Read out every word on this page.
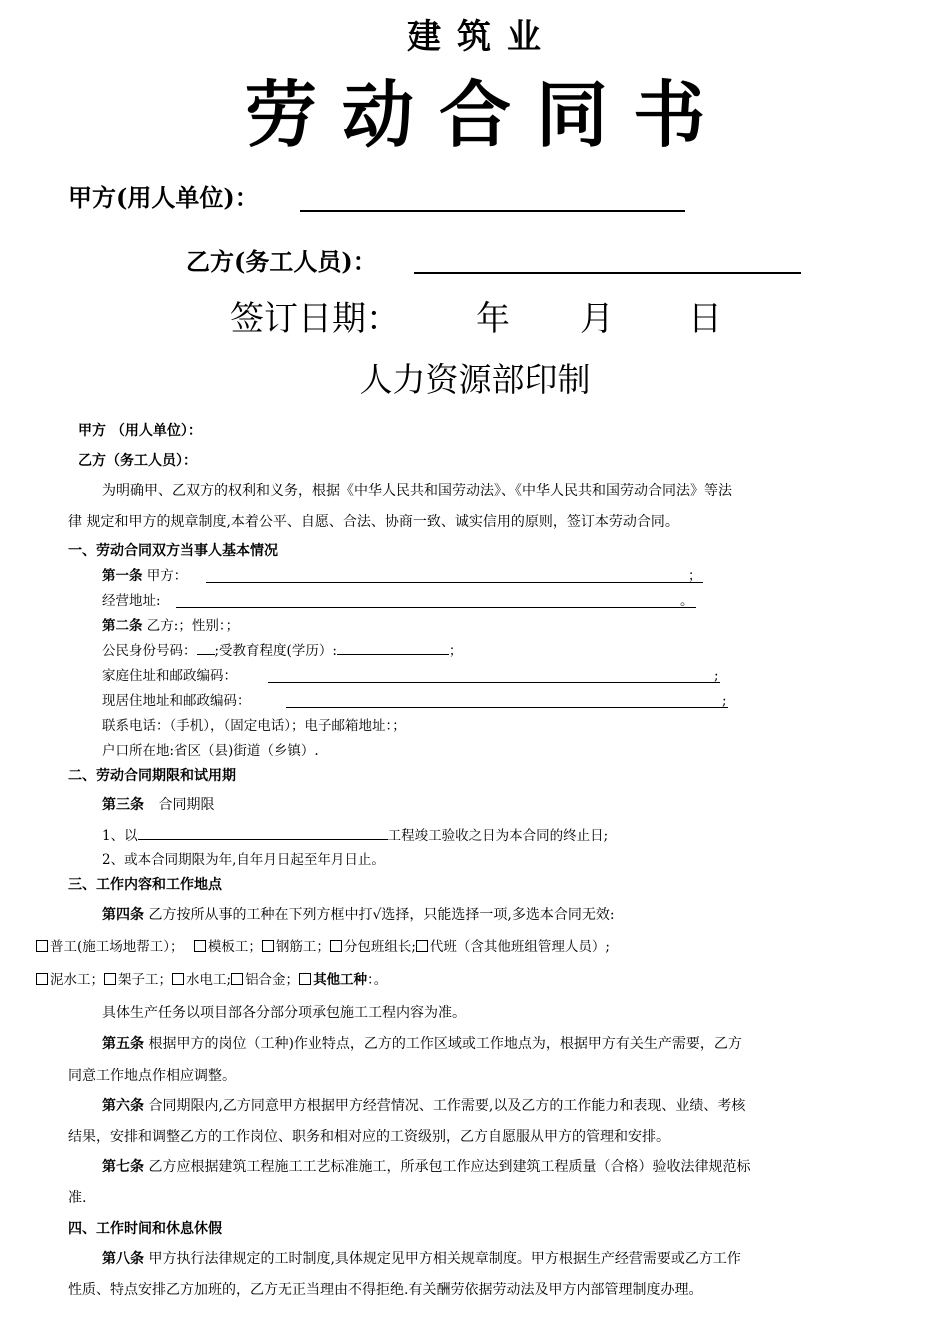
建 筑 业
劳 动 合 同 书
甲方(用人单位)：
乙方(务工人员)：
签订日期： 年 月 日
人力资源部印制
甲方 （用人单位）：
乙方（务工人员）：
为明确甲、乙双方的权利和义务，根据《中华人民共和国劳动法》、《中华人民共和国劳动合同法》等法
律 规定和甲方的规章制度,本着公平、自愿、合法、协商一致、诚实信用的原则，签订本劳动合同。
一、劳动合同双方当事人基本情况
第一条 甲方：	；
经营地址:	。
第二条 乙方:；性别：；
公民身份号码： ;受教育程度(学历）:	；
家庭住址和邮政编码：	;
现居住地址和邮政编码：	;
联系电话：（手机），（固定电话）；电子邮箱地址：；
户口所在地:省区（县)街道（乡镇）.
二、劳动合同期限和试用期
第三条 合同期限
1、以	工程竣工验收之日为本合同的终止日;
2、或本合同期限为年,自年月日起至年月日止。
三、工作内容和工作地点
第四条 乙方按所从事的工种在下列方框中打√选择，只能选择一项,多选本合同无效:
普工(施工场地帮工）； 模板工； 钢筋工； 分包班组长; 代班（含其他班组管理人员）;
泥水工； 架子工； 水电工; 铝合金； 其他工种：。
具体生产任务以项目部各分部分项承包施工工程内容为准。
第五条 根据甲方的岗位（工种)作业特点，乙方的工作区域或工作地点为，根据甲方有关生产需要，乙方
同意工作地点作相应调整。
第六条 合同期限内,乙方同意甲方根据甲方经营情况、工作需要,以及乙方的工作能力和表现、业绩、考核
结果，安排和调整乙方的工作岗位、职务和相对应的工资级别，乙方自愿服从甲方的管理和安排。
第七条 乙方应根据建筑工程施工工艺标准施工，所承包工作应达到建筑工程质量（合格）验收法律规范标
准.
四、工作时间和休息休假
第八条 甲方执行法律规定的工时制度,具体规定见甲方相关规章制度。甲方根据生产经营需要或乙方工作
性质、特点安排乙方加班的，乙方无正当理由不得拒绝.有关酬劳依据劳动法及甲方内部管理制度办理。
